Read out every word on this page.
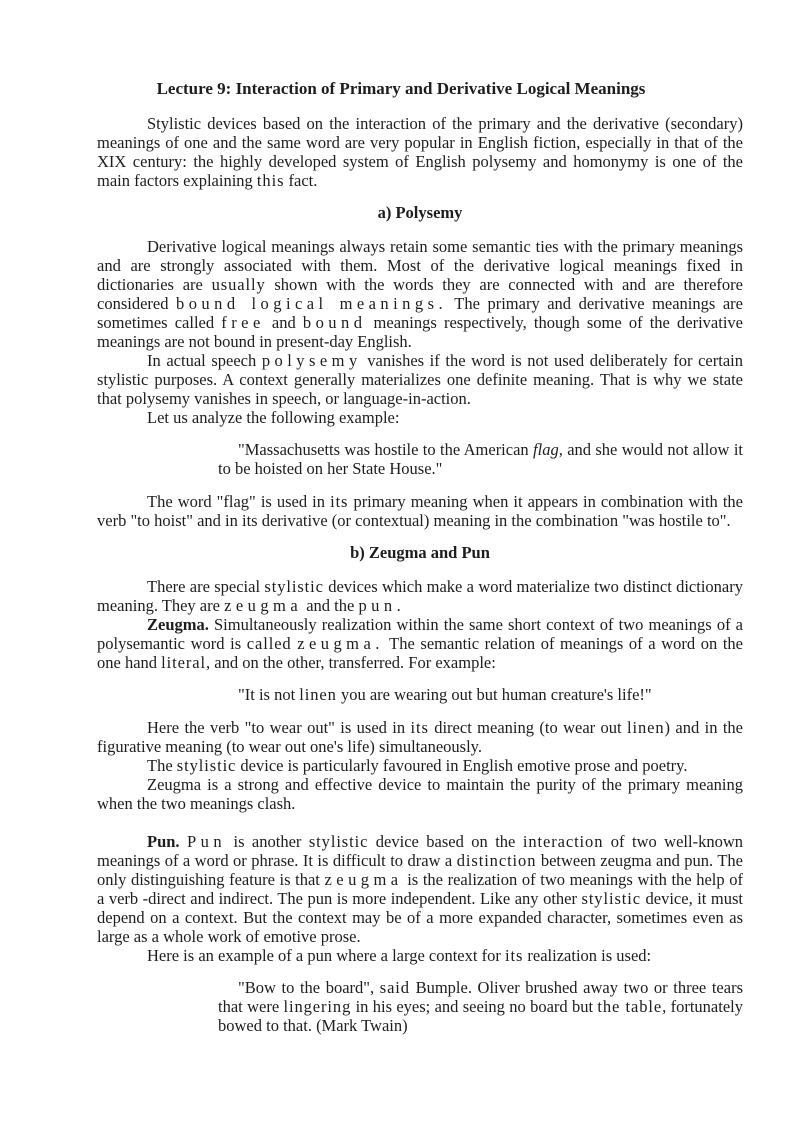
Lecture 9: Interaction of Primary and Derivative Logical Meanings

Stylistic devices based on the interaction of the primary and the derivative (secondary) meanings of one and the same word are very popular in English fiction, especially in that of the XIX century: the highly developed system of English polysemy and homonymy is one of the main factors explaining this fact.

a) Polysemy

Derivative logical meanings always retain some semantic ties with the primary meanings and are strongly associated with them. Most of the derivative logical meanings fixed in dictionaries are usually shown with the words they are connected with and are therefore considered bound logical meanings. The primary and derivative meanings are sometimes called free and bound meanings respectively, though some of the derivative meanings are not bound in present-day English.

In actual speech polysemy vanishes if the word is not used deliberately for certain stylistic purposes. A context generally materializes one definite meaning. That is why we state that polysemy vanishes in speech, or language-in-action.

Let us analyze the following example:

"Massachusetts was hostile to the American flag, and she would not allow it to be hoisted on her State House."

The word "flag" is used in its primary meaning when it appears in combination with the verb "to hoist" and in its derivative (or contextual) meaning in the combination "was hostile to".

b) Zeugma and Pun

There are special stylistic devices which make a word materialize two distinct dictionary meaning. They are zeugma and the pun.

Zeugma. Simultaneously realization within the same short context of two meanings of a polysemantic word is called zeugma. The semantic relation of meanings of a word on the one hand literal, and on the other, transferred. For example:

"It is not linen you are wearing out but human creature's life!"

Here the verb "to wear out" is used in its direct meaning (to wear out linen) and in the figurative meaning (to wear out one's life) simultaneously.

The stylistic device is particularly favoured in English emotive prose and poetry.

Zeugma is a strong and effective device to maintain the purity of the primary meaning when the two meanings clash.

Pun. Pun is another stylistic device based on the interaction of two well-known meanings of a word or phrase. It is difficult to draw a distinction between zeugma and pun. The only distinguishing feature is that zeugma is the realization of two meanings with the help of a verb -direct and indirect. The pun is more independent. Like any other stylistic device, it must depend on a context. But the context may be of a more expanded character, sometimes even as large as a whole work of emotive prose.

Here is an example of a pun where a large context for its realization is used:

"Bow to the board", said Bumple. Oliver brushed away two or three tears that were lingering in his eyes; and seeing no board but the table, fortunately bowed to that. (Mark Twain)
